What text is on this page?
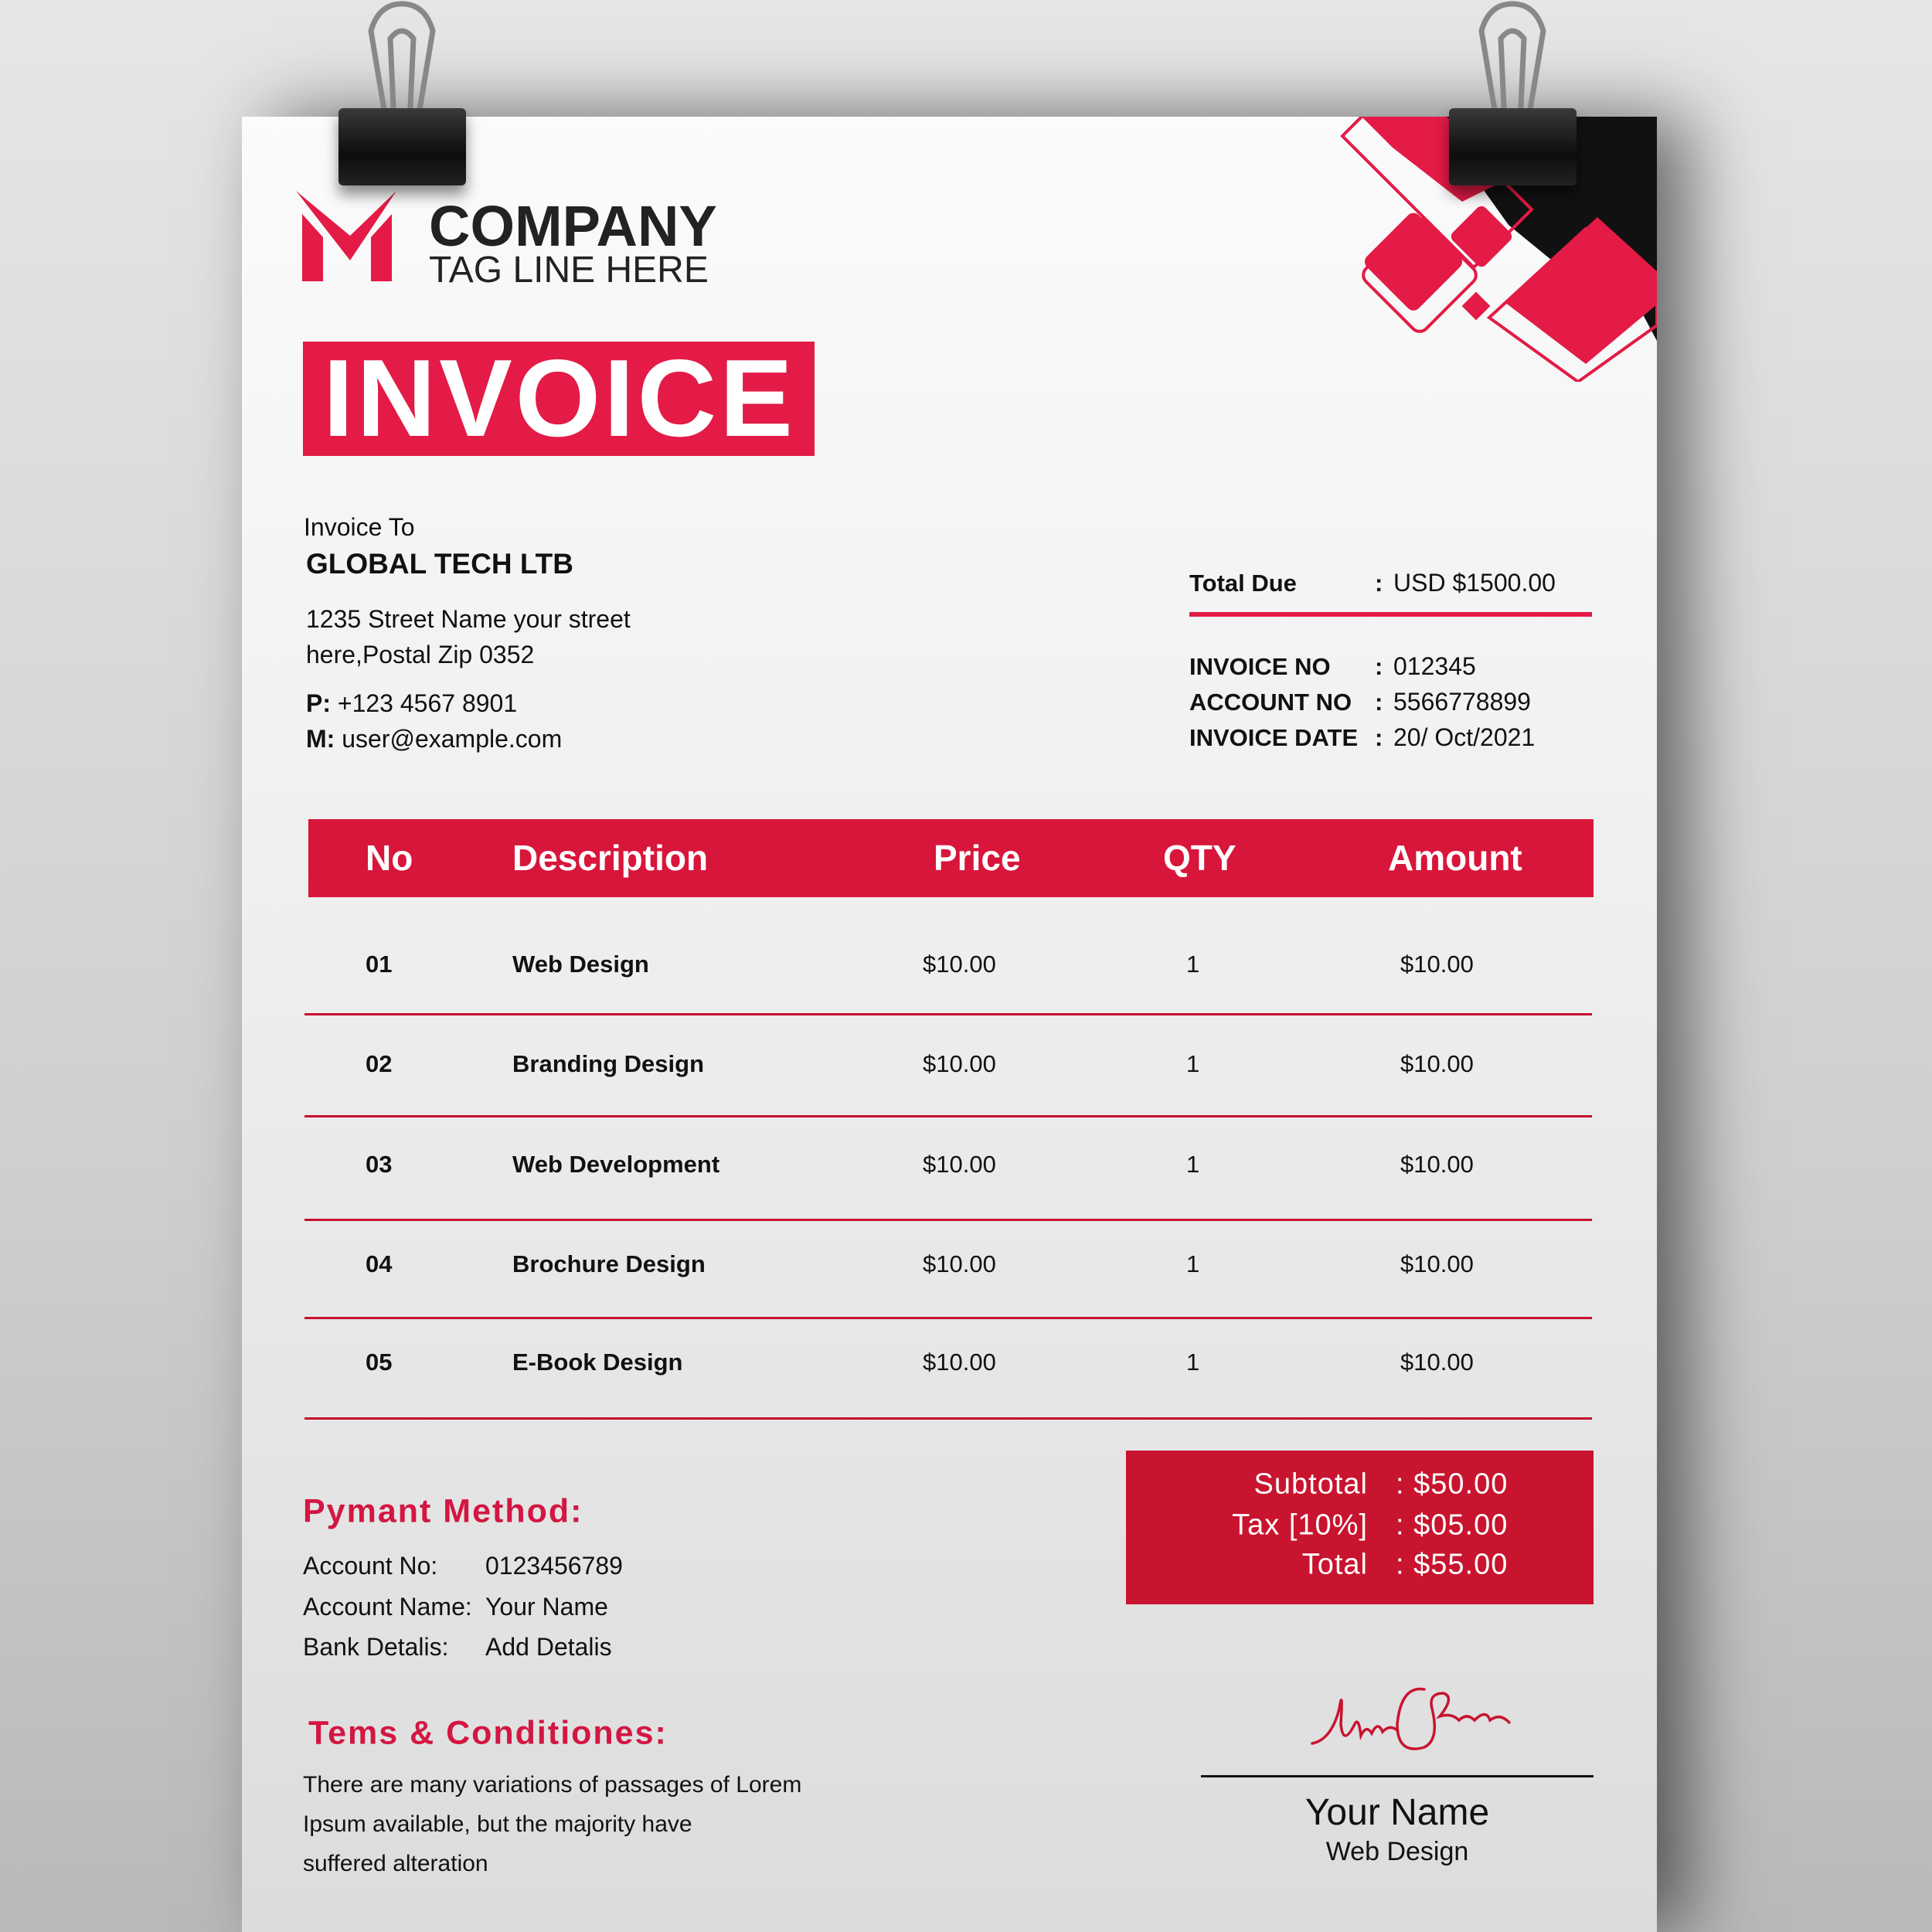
COMPANY
TAG LINE HERE
INVOICE
Invoice To
GLOBAL TECH LTB
1235 Street Name your street
here,Postal Zip 0352
P: +123 4567 8901
M: user@example.com
Total Due	: USD $1500.00
INVOICE NO : 012345
ACCOUNT NO : 5566778899
INVOICE DATE : 20/ Oct/2021
No	Description	Price	QTY	Amount
01	Web Design	$10.00	1	$10.00
02	Branding Design	$10.00	1	$10.00
03	Web Development	$10.00	1	$10.00
04	Brochure Design	$10.00	1	$10.00
05	E-Book Design	$10.00	1	$10.00
Subtotal : $50.00
Tax [10%] : $05.00
Total : $55.00
Pymant Method:
Account No: 0123456789
Account Name: Your Name
Bank Detalis: Add Detalis
Tems & Conditiones:
There are many variations of passages of Lorem
Ipsum available, but the majority have
suffered alteration
Your Name
Web Design
